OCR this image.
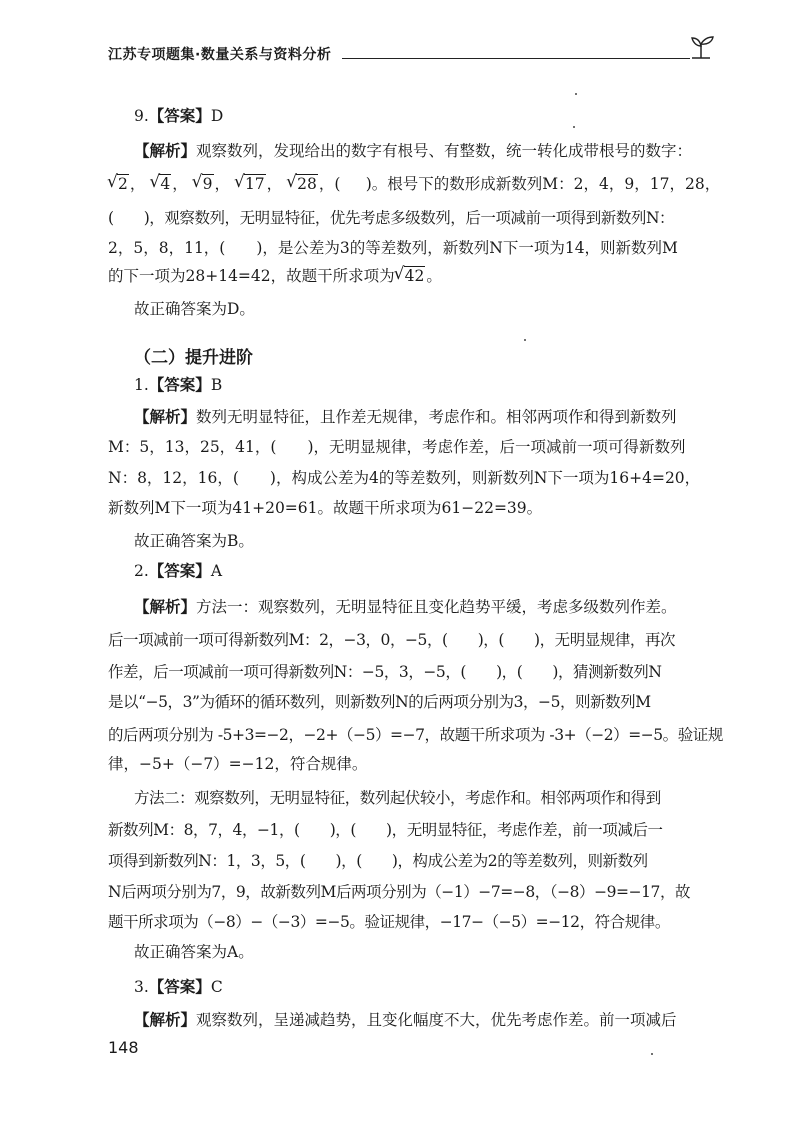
江苏专项题集·数量关系与资料分析
9.【答案】D
【解析】观察数列，发现给出的数字有根号、有整数，统一转化成带根号的数字：
√ 2 ， √ 4 ， √ 9 ， √ 17 ， √ 28 ，( 　 )。根号下的数形成新数列M：2，4，9，17，28，
(　　)，观察数列，无明显特征，优先考虑多级数列，后一项减前一项得到新数列N：
2，5，8，11，(　　)，是公差为3的等差数列，新数列N下一项为14，则新数列M
的下一项为28+14=42，故题干所求项为√ 42 。
故正确答案为D。
（二）提升进阶
1.【答案】B
【解析】数列无明显特征，且作差无规律，考虑作和。相邻两项作和得到新数列
M：5，13，25，41，(　　)，无明显规律，考虑作差，后一项减前一项可得新数列
N：8，12，16，(　　)，构成公差为4的等差数列，则新数列N下一项为16+4=20，
新数列M下一项为41+20=61。故题干所求项为61−22=39。
故正确答案为B。
2.【答案】A
【解析】方法一：观察数列，无明显特征且变化趋势平缓，考虑多级数列作差。
后一项减前一项可得新数列M：2，−3，0，−5，(　　)，(　　)，无明显规律，再次
作差，后一项减前一项可得新数列N：−5，3，−5，(　　)，(　　)，猜测新数列N
是以“−5，3”为循环的循环数列，则新数列N的后两项分别为3，−5，则新数列M
的后两项分别为 -5+3=−2，−2+（−5）=−7，故题干所求项为 -3+（−2）=−5。验证规
律，−5+（−7）=−12，符合规律。
方法二：观察数列，无明显特征，数列起伏较小，考虑作和。相邻两项作和得到
新数列M：8，7，4，−1，(　　)，(　　)，无明显特征，考虑作差，前一项减后一
项得到新数列N：1，3，5，(　　)，(　　)，构成公差为2的等差数列，则新数列
N后两项分别为7，9，故新数列M后两项分别为（−1）−7=−8，（−8）−9=−17，故
题干所求项为（−8）−（−3）=−5。验证规律，−17−（−5）=−12，符合规律。
故正确答案为A。
3.【答案】C
【解析】观察数列，呈递减趋势，且变化幅度不大，优先考虑作差。前一项减后
148
